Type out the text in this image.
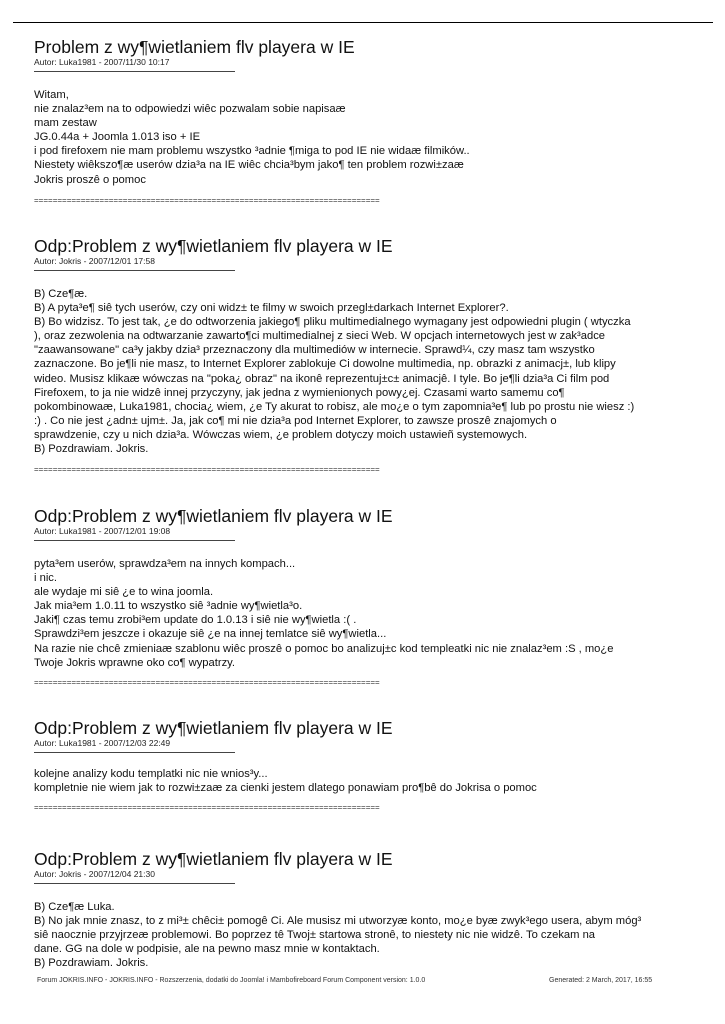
Problem z wy¶wietlaniem flv playera w IE
Autor: Luka1981 - 2007/11/30 10:17
Witam,
nie znalaz³em na to odpowiedzi wiêc pozwalam sobie napisaæ
mam zestaw
JG.0.44a + Joomla 1.013 iso + IE
i pod firefoxem nie mam problemu wszystko ³adnie ¶miga to pod IE nie widaæ filmików..
Niestety wiêkszo¶æ userów dzia³a na IE wiêc chcia³bym jako¶ ten problem rozwi±zaæ
Jokris proszê o pomoc
==========================================================================
Odp:Problem z wy¶wietlaniem flv playera w IE
Autor: Jokris - 2007/12/01 17:58
B) Cze¶æ.
B) A pyta³e¶ siê tych userów, czy oni widz± te filmy w swoich przegl±darkach Internet Explorer?.
B) Bo widzisz. To jest tak, ¿e do odtworzenia jakiego¶ pliku multimedialnego wymagany jest odpowiedni plugin ( wtyczka
), oraz zezwolenia na odtwarzanie zawarto¶ci multimedialnej z sieci Web. W opcjach internetowych jest w zak³adce
"zaawansowane" ca³y jakby dzia³ przeznaczony dla multimediów w internecie. Sprawd¼, czy masz tam wszystko
zaznaczone. Bo je¶li nie masz, to Internet Explorer zablokuje Ci dowolne multimedia, np. obrazki z animacj±, lub klipy
wideo. Musisz klikaæ wówczas na "poka¿ obraz" na ikonê reprezentuj±c± animacjê. I tyle. Bo je¶li dzia³a Ci film pod
Firefoxem, to ja nie widzê innej przyczyny, jak jedna z wymienionych powy¿ej. Czasami warto samemu co¶
pokombinowaæ, Luka1981, chocia¿ wiem, ¿e Ty akurat to robisz, ale mo¿e o tym zapomnia³e¶ lub po prostu nie wiesz :)
:) . Co nie jest ¿adn± ujm±. Ja, jak co¶ mi nie dzia³a pod Internet Explorer, to zawsze proszê znajomych o
sprawdzenie, czy u nich dzia³a. Wówczas wiem, ¿e problem dotyczy moich ustawieñ systemowych.
B) Pozdrawiam. Jokris.
==========================================================================
Odp:Problem z wy¶wietlaniem flv playera w IE
Autor: Luka1981 - 2007/12/01 19:08
pyta³em userów, sprawdza³em na innych kompach...
i nic.
ale wydaje mi siê ¿e to wina joomla.
Jak mia³em 1.0.11 to wszystko siê ³adnie wy¶wietla³o.
Jaki¶ czas temu zrobi³em update do 1.0.13 i siê nie wy¶wietla :( .
Sprawdzi³em jeszcze i okazuje siê ¿e na innej temlatce siê wy¶wietla...
Na razie nie chcê zmieniaæ szablonu wiêc proszê o pomoc bo analizuj±c kod templeatki nic nie znalaz³em :S , mo¿e
Twoje Jokris wprawne oko co¶ wypatrzy.
==========================================================================
Odp:Problem z wy¶wietlaniem flv playera w IE
Autor: Luka1981 - 2007/12/03 22:49
kolejne analizy kodu templatki nic nie wnios³y...
kompletnie nie wiem jak to rozwi±zaæ za cienki jestem dlatego ponawiam pro¶bê do Jokrisa o pomoc
==========================================================================
Odp:Problem z wy¶wietlaniem flv playera w IE
Autor: Jokris - 2007/12/04 21:30
B) Cze¶æ Luka.
B) No jak mnie znasz, to z mi³± chêci± pomogê Ci. Ale musisz mi utworzyæ konto, mo¿e byæ zwyk³ego usera, abym móg³
siê naocznie przyjrzeæ problemowi. Bo poprzez tê Twoj± startowa stronê, to niestety nic nie widzê. To czekam na
dane. GG na dole w podpisie, ale na pewno masz mnie w kontaktach.
B) Pozdrawiam. Jokris.
Forum JOKRIS.INFO - JOKRIS.INFO - Rozszerzenia, dodatki do Joomla! i Mambofireboard Forum Component version: 1.0.0	Generated: 2 March, 2017, 16:55
